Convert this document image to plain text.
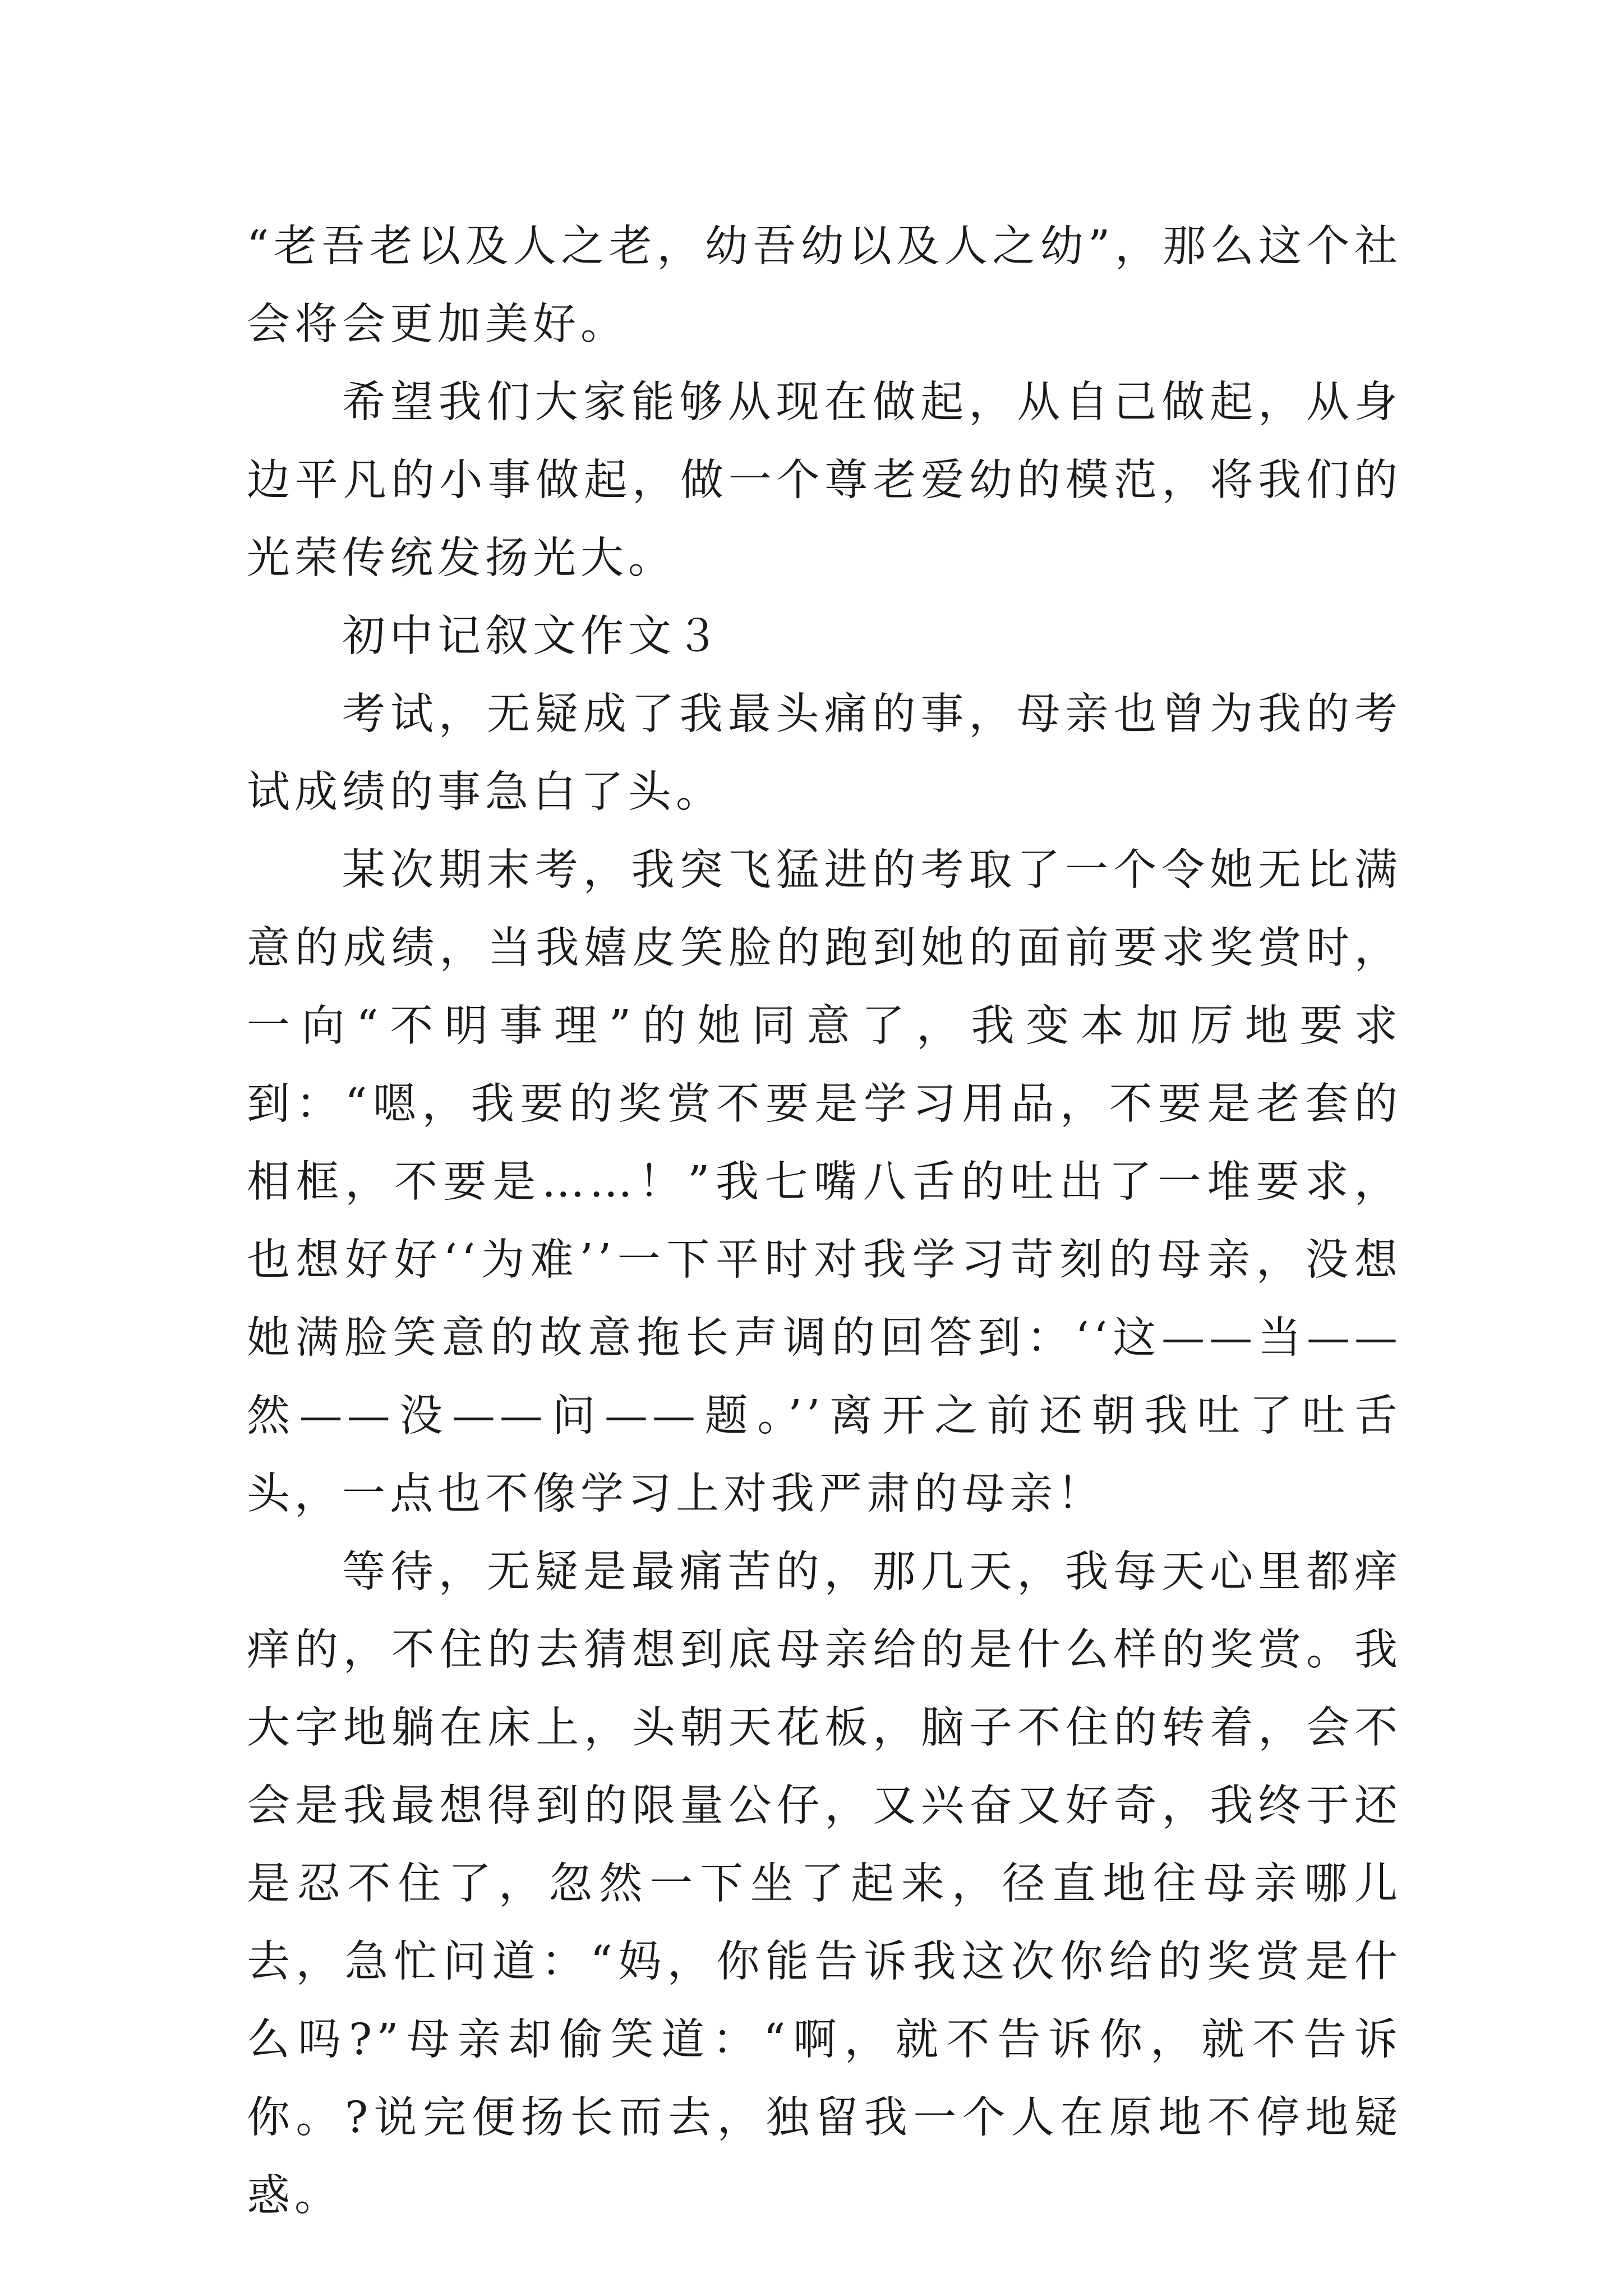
“老吾老以及人之老，幼吾幼以及人之幼”，那么这个社会将会更加美好。

希望我们大家能够从现在做起，从自己做起，从身边平凡的小事做起，做一个尊老爱幼的模范，将我们的光荣传统发扬光大。

初中记叙文作文３

考试，无疑成了我最头痛的事，母亲也曾为我的考试成绩的事急白了头。

某次期末考，我突飞猛进的考取了一个令她无比满意的成绩，当我嬉皮笑脸的跑到她的面前要求奖赏时，一向“不明事理”的她同意了，我变本加厉地要求到：“嗯，我要的奖赏不要是学习用品，不要是老套的相框，不要是……！”我七嘴八舌的吐出了一堆要求，也想好好‘‘为难’’一下平时对我学习苛刻的母亲，没想她满脸笑意的故意拖长声调的回答到：‘‘这——当——然——没——问——题。’’离开之前还朝我吐了吐舌头，一点也不像学习上对我严肃的母亲！

等待，无疑是最痛苦的，那几天，我每天心里都痒痒的，不住的去猜想到底母亲给的是什么样的奖赏。我大字地躺在床上，头朝天花板，脑子不住的转着，会不会是我最想得到的限量公仔，又兴奋又好奇，我终于还是忍不住了，忽然一下坐了起来，径直地往母亲哪儿去，急忙问道：“妈，你能告诉我这次你给的奖赏是什么吗?”母亲却偷笑道：“啊，就不告诉你，就不告诉你。?说完便扬长而去，独留我一个人在原地不停地疑惑。
